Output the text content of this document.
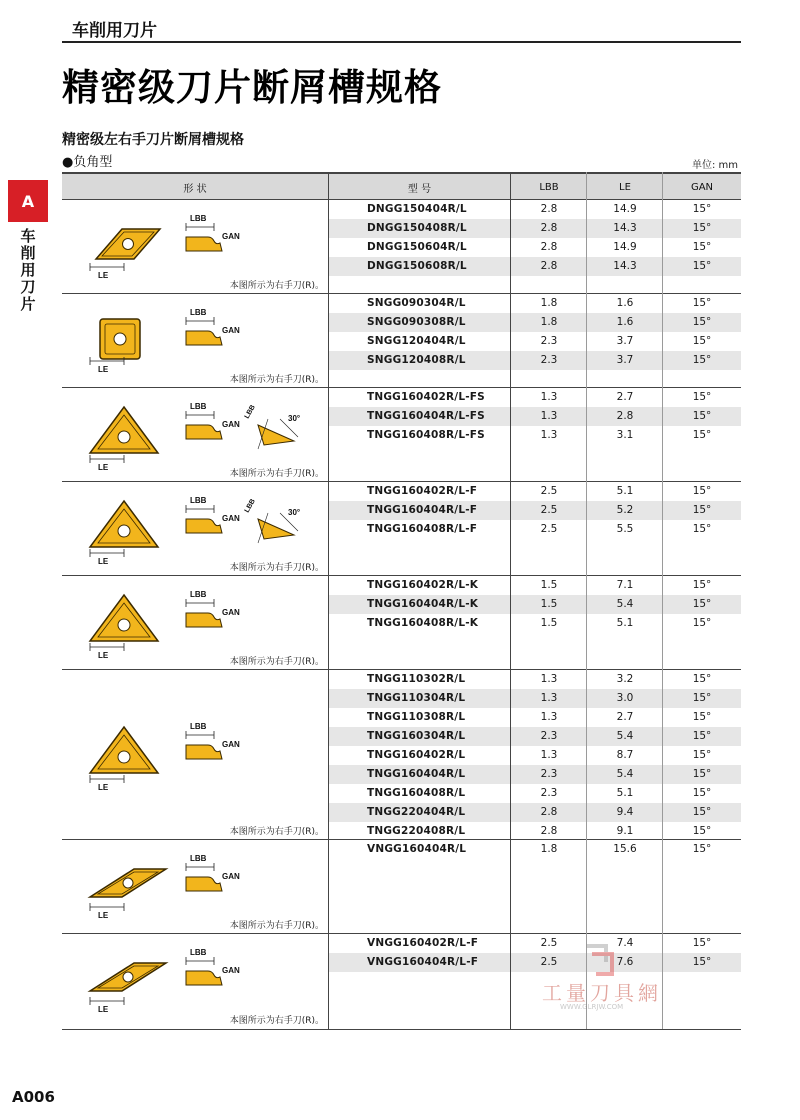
车削用刀片
精密级刀片断屑槽规格
精密级左右手刀片断屑槽规格
●负角型	单位: mm
A
车削用刀片
形 状	型 号	LBB	LE	GAN
LE
LBB
GAN
本图所示为右手刀(R)。
DNGG150404R/L	2.8	14.9	15°
DNGG150408R/L	2.8	14.3	15°
DNGG150604R/L	2.8	14.9	15°
DNGG150608R/L	2.8	14.3	15°
LE
LBB
GAN
本图所示为右手刀(R)。
SNGG090304R/L	1.8	1.6	15°
SNGG090308R/L	1.8	1.6	15°
SNGG120404R/L	2.3	3.7	15°
SNGG120408R/L	2.3	3.7	15°
LE
LBB
GAN
LBB	30°
本图所示为右手刀(R)。
TNGG160402R/L-FS	1.3	2.7	15°
TNGG160404R/L-FS	1.3	2.8	15°
TNGG160408R/L-FS	1.3	3.1	15°
LE
LBB
GAN
LBB	30°
本图所示为右手刀(R)。
TNGG160402R/L-F	2.5	5.1	15°
TNGG160404R/L-F	2.5	5.2	15°
TNGG160408R/L-F	2.5	5.5	15°
LE
LBB
GAN
本图所示为右手刀(R)。
TNGG160402R/L-K	1.5	7.1	15°
TNGG160404R/L-K	1.5	5.4	15°
TNGG160408R/L-K	1.5	5.1	15°
LE
LBB
GAN
本图所示为右手刀(R)。
TNGG110302R/L	1.3	3.2	15°
TNGG110304R/L	1.3	3.0	15°
TNGG110308R/L	1.3	2.7	15°
TNGG160304R/L	2.3	5.4	15°
TNGG160402R/L	1.3	8.7	15°
TNGG160404R/L	2.3	5.4	15°
TNGG160408R/L	2.3	5.1	15°
TNGG220404R/L	2.8	9.4	15°
TNGG220408R/L	2.8	9.1	15°
LE
LBB
GAN
本图所示为右手刀(R)。
VNGG160404R/L	1.8	15.6	15°
LE
LBB
GAN
本图所示为右手刀(R)。
VNGG160402R/L-F	2.5	7.4	15°
VNGG160404R/L-F	2.5	7.6	15°
工量刀具網
WWW.GLRJW.COM
A006
